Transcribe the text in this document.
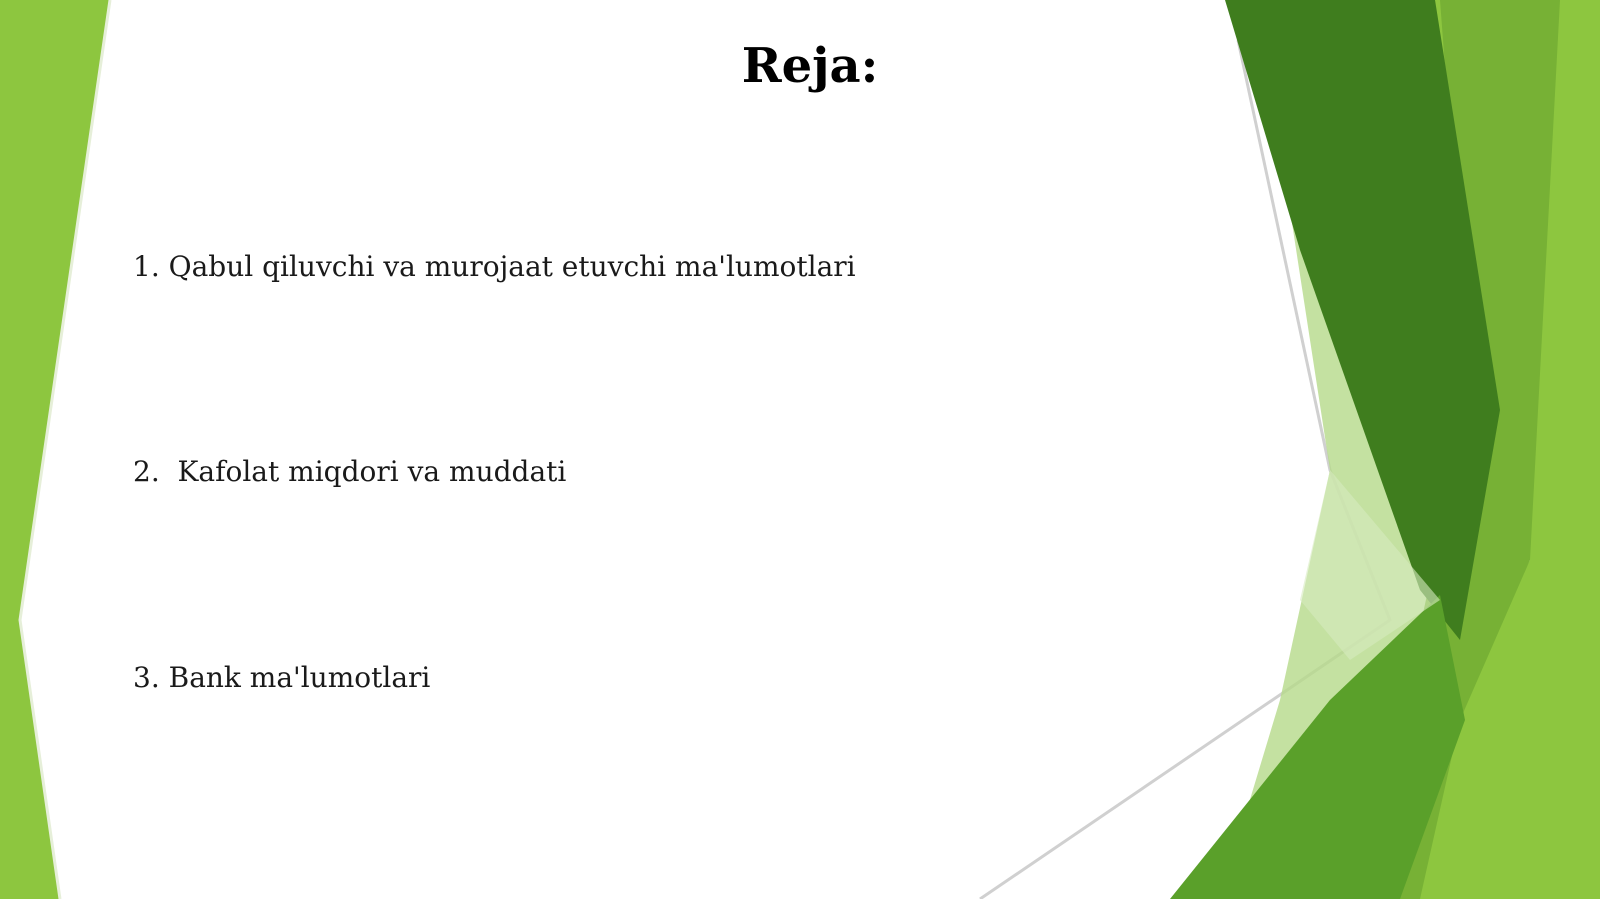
Reja:

1. Qabul qiluvchi va murojaat etuvchi ma'lumotlari

2.  Kafolat miqdori va muddati

3. Bank ma'lumotlari
